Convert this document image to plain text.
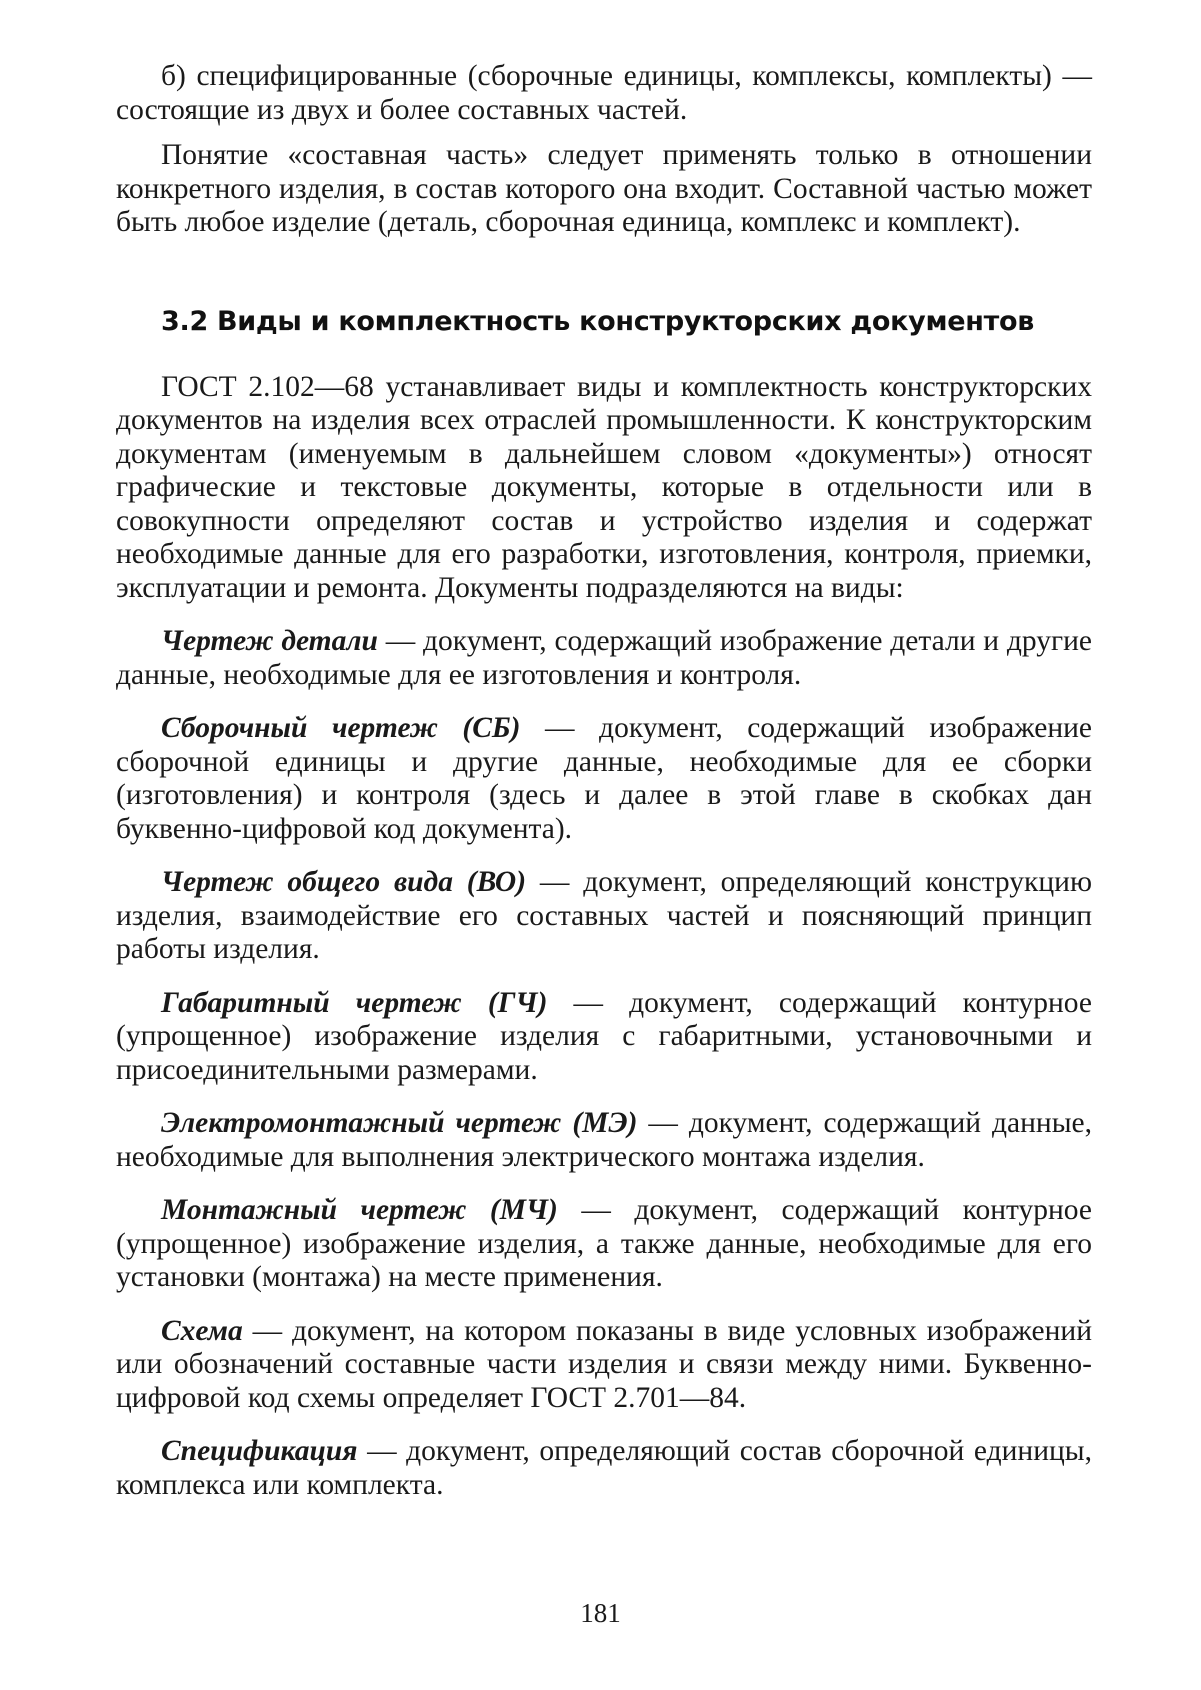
б) специфицированные (сборочные единицы, комплексы, комплекты) — состоящие из двух и более составных частей.

Понятие «составная часть» следует применять только в отношении конкретного изделия, в состав которого она входит. Составной частью может быть любое изделие (деталь, сборочная единица, комплекс и комплект).

3.2 Виды и комплектность конструкторских документов

ГОСТ 2.102—68 устанавливает виды и комплектность конструкторских документов на изделия всех отраслей промышленности. К конструкторским документам (именуемым в дальнейшем словом «документы») относят графические и текстовые документы, которые в отдельности или в совокупности определяют состав и устройство изделия и содержат необходимые данные для его разработки, изготовления, контроля, приемки, эксплуатации и ремонта. Документы подразделяются на виды:

Чертеж детали — документ, содержащий изображение детали и другие данные, необходимые для ее изготовления и контроля.

Сборочный чертеж (СБ) — документ, содержащий изображение сборочной единицы и другие данные, необходимые для ее сборки (изготовления) и контроля (здесь и далее в этой главе в скобках дан буквенно-цифровой код документа).

Чертеж общего вида (ВО) — документ, определяющий конструкцию изделия, взаимодействие его составных частей и поясняющий принцип работы изделия.

Габаритный чертеж (ГЧ) — документ, содержащий контурное (упрощенное) изображение изделия с габаритными, установочными и присоединительными размерами.

Электромонтажный чертеж (МЭ) — документ, содержащий данные, необходимые для выполнения электрического монтажа изделия.

Монтажный чертеж (МЧ) — документ, содержащий контурное (упрощенное) изображение изделия, а также данные, необходимые для его установки (монтажа) на месте применения.

Схема — документ, на котором показаны в виде условных изображений или обозначений составные части изделия и связи между ними. Буквенно-цифровой код схемы определяет ГОСТ 2.701—84.

Спецификация — документ, определяющий состав сборочной единицы, комплекса или комплекта.

181
